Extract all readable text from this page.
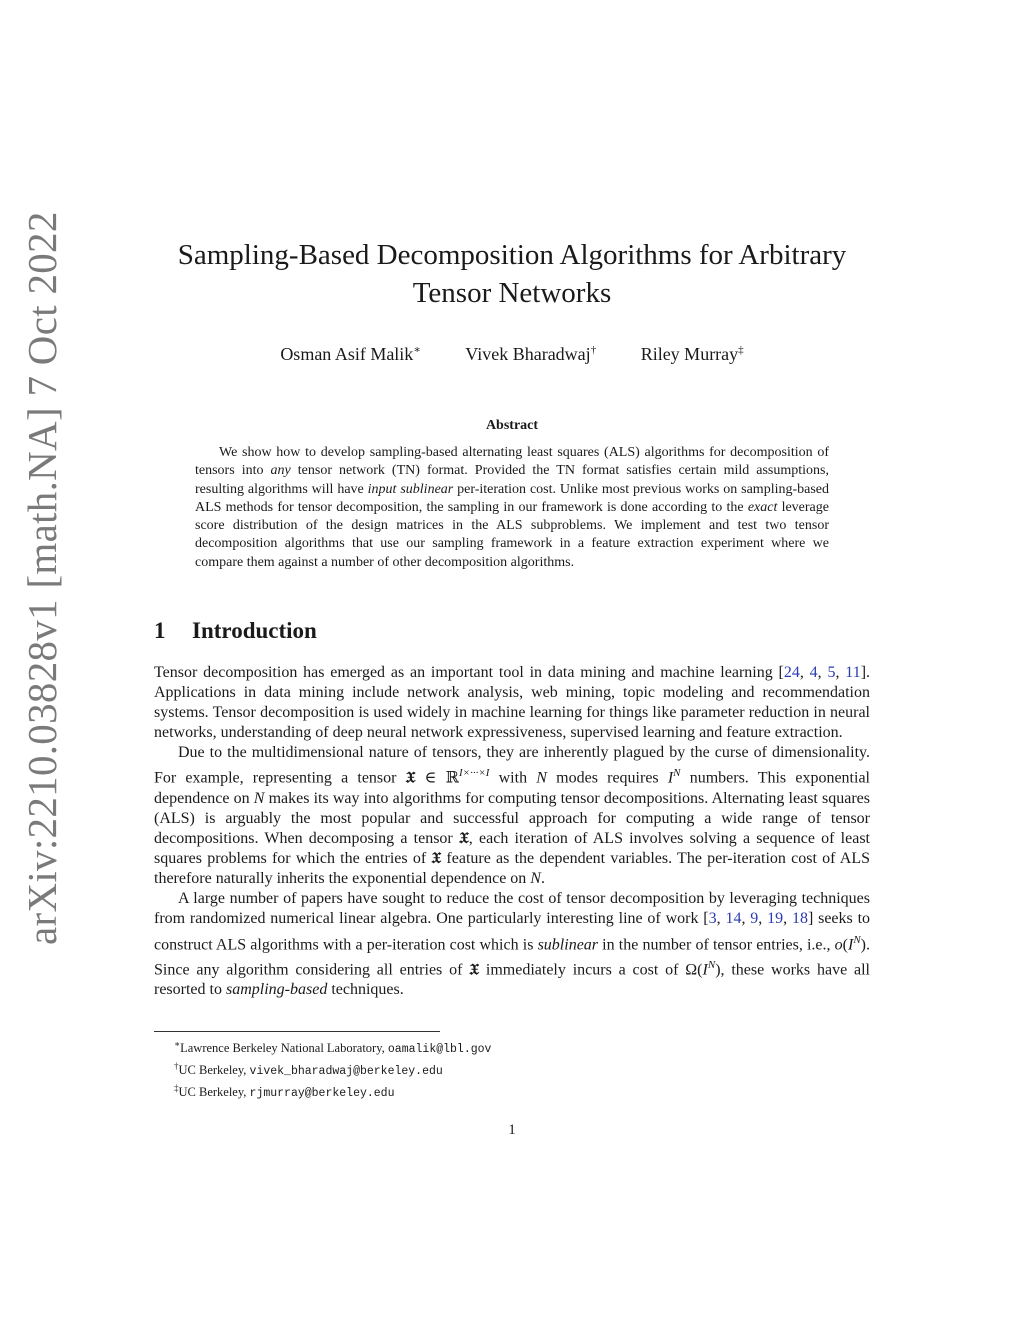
arXiv:2210.03828v1 [math.NA] 7 Oct 2022	Sampling-Based Decomposition Algorithms for Arbitrary
Tensor Networks
Osman Asif Malik∗ Vivek Bharadwaj† Riley Murray‡
Abstract

We show how to develop sampling-based alternating least squares (ALS) algorithms for decomposition of tensors into any tensor network (TN) format. Provided the TN format satisfies certain mild assumptions, resulting algorithms will have input sublinear per-iteration cost. Unlike most previous works on sampling-based ALS methods for tensor decomposition, the sampling in our framework is done according to the exact leverage score distribution of the design matrices in the ALS subproblems. We implement and test two tensor decomposition algorithms that use our sampling framework in a feature extraction experiment where we compare them against a number of other decomposition algorithms.

1 Introduction

Tensor decomposition has emerged as an important tool in data mining and machine learning [24, 4, 5, 11]. Applications in data mining include network analysis, web mining, topic modeling and recommendation systems. Tensor decomposition is used widely in machine learning for things like parameter reduction in neural networks, understanding of deep neural network expressiveness, supervised learning and feature extraction.

Due to the multidimensional nature of tensors, they are inherently plagued by the curse of dimensionality. For example, representing a tensor 𝔛 ∈ ℝ$^{I\times\cdot\cdot\cdot\times I}$ with N modes requires $I^N$ numbers. This exponential dependence on N makes its way into algorithms for computing tensor decompositions. Alternating least squares (ALS) is arguably the most popular and successful approach for computing a wide range of tensor decompositions. When decomposing a tensor 𝔛, each iteration of ALS involves solving a sequence of least squares problems for which the entries of 𝔛 feature as the dependent variables. The per-iteration cost of ALS therefore naturally inherits the exponential dependence on N.

A large number of papers have sought to reduce the cost of tensor decomposition by leveraging techniques from randomized numerical linear algebra. One particularly interesting line of work [3, 14, 9, 19, 18] seeks to construct ALS algorithms with a per-iteration cost which is sublinear in the number of tensor entries, i.e., $o(I^N)$. Since any algorithm considering all entries of 𝔛 immediately incurs a cost of $\Omega(I^N)$, these works have all resorted to sampling-based techniques.

∗Lawrence Berkeley National Laboratory, oamalik@lbl.gov
†UC Berkeley, vivek_bharadwaj@berkeley.edu
‡UC Berkeley, rjmurray@berkeley.edu
1
